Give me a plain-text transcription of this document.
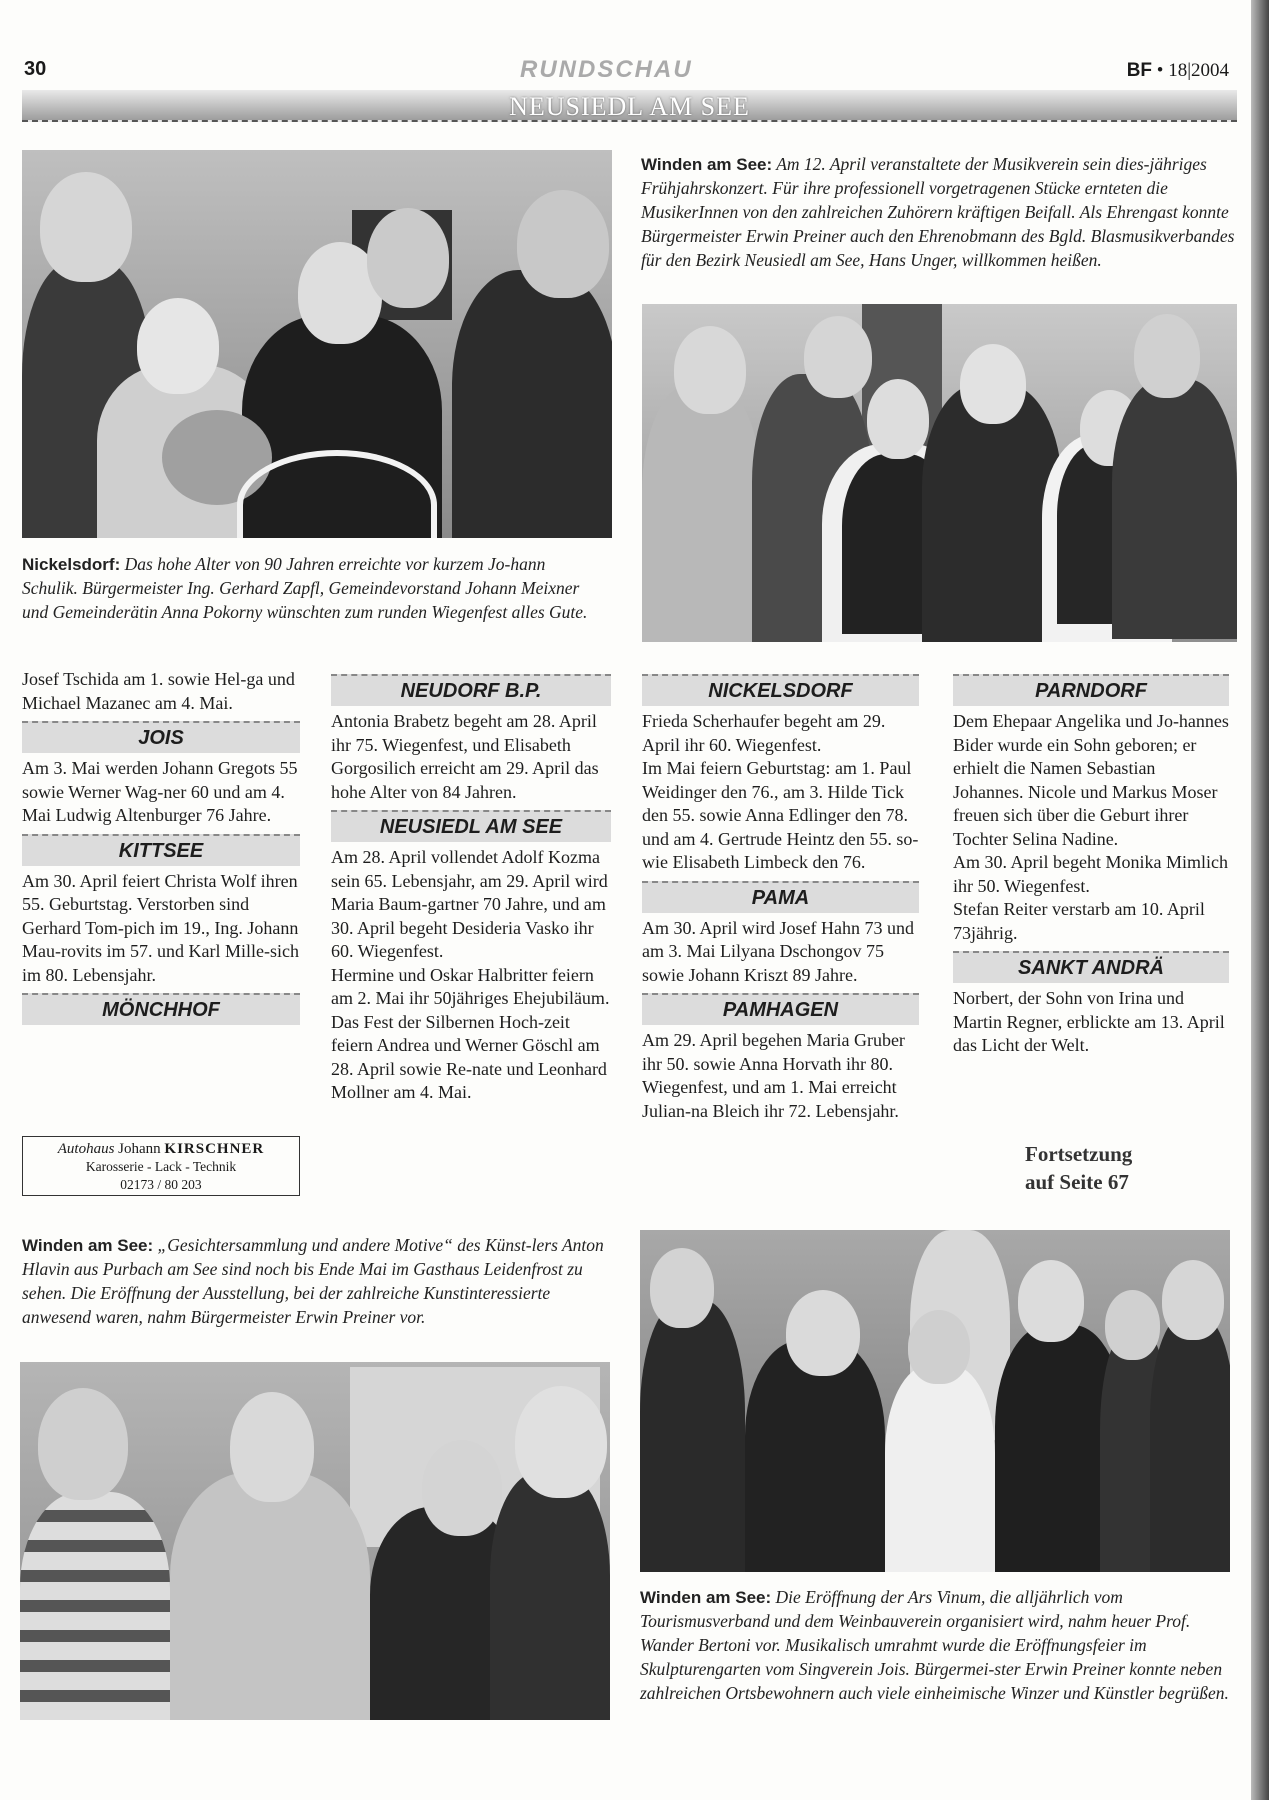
30	RUNDSCHAU	BF • 18|2004
NEUSIEDL AM SEE
Nickelsdorf: Das hohe Alter von 90 Jahren erreichte vor kurzem Jo-hann Schulik. Bürgermeister Ing. Gerhard Zapfl, Gemeindevorstand Johann Meixner und Gemeinderätin Anna Pokorny wünschten zum runden Wiegenfest alles Gute.
Winden am See: Am 12. April veranstaltete der Musikverein sein dies-jähriges Frühjahrskonzert. Für ihre professionell vorgetragenen Stücke ernteten die MusikerInnen von den zahlreichen Zuhörern kräftigen Beifall. Als Ehrengast konnte Bürgermeister Erwin Preiner auch den Ehrenobmann des Bgld. Blasmusikverbandes für den Bezirk Neusiedl am See, Hans Unger, willkommen heißen.

Josef Tschida am 1. sowie Hel-ga und Michael Mazanec am 4. Mai.

JOIS

Am 3. Mai werden Johann Gregots 55 sowie Werner Wag-ner 60 und am 4. Mai Ludwig Altenburger 76 Jahre.

KITTSEE

Am 30. April feiert Christa Wolf ihren 55. Geburtstag. Verstorben sind Gerhard Tom-pich im 19., Ing. Johann Mau-rovits im 57. und Karl Mille-sich im 80. Lebensjahr.

MÖNCHHOF
Autohaus Johann KIRSCHNER
Karosserie - Lack - Technik
02173 / 80 203
NEUDORF B.P.

Antonia Brabetz begeht am 28. April ihr 75. Wiegenfest, und Elisabeth Gorgosilich erreicht am 29. April das hohe Alter von 84 Jahren.

NEUSIEDL AM SEE

Am 28. April vollendet Adolf Kozma sein 65. Lebensjahr, am 29. April wird Maria Baum-gartner 70 Jahre, und am 30. April begeht Desideria Vasko ihr 60. Wiegenfest.

Hermine und Oskar Halbritter feiern am 2. Mai ihr 50jähriges Ehejubiläum.

Das Fest der Silbernen Hoch-zeit feiern Andrea und Werner Göschl am 28. April sowie Re-nate und Leonhard Mollner am 4. Mai.

NICKELSDORF

Frieda Scherhaufer begeht am 29. April ihr 60. Wiegenfest.

Im Mai feiern Geburtstag: am 1. Paul Weidinger den 76., am 3. Hilde Tick den 55. sowie Anna Edlinger den 78. und am 4. Gertrude Heintz den 55. so-wie Elisabeth Limbeck den 76.

PAMA

Am 30. April wird Josef Hahn 73 und am 3. Mai Lilyana Dschongov 75 sowie Johann Kriszt 89 Jahre.

PAMHAGEN

Am 29. April begehen Maria Gruber ihr 50. sowie Anna Horvath ihr 80. Wiegenfest, und am 1. Mai erreicht Julian-na Bleich ihr 72. Lebensjahr.

PARNDORF

Dem Ehepaar Angelika und Jo-hannes Bider wurde ein Sohn geboren; er erhielt die Namen Sebastian Johannes. Nicole und Markus Moser freuen sich über die Geburt ihrer Tochter Selina Nadine.

Am 30. April begeht Monika Mimlich ihr 50. Wiegenfest.

Stefan Reiter verstarb am 10. April 73jährig.

SANKT ANDRÄ

Norbert, der Sohn von Irina und Martin Regner, erblickte am 13. April das Licht der Welt.

Fortsetzung
auf Seite 67
Winden am See: „Gesichtersammlung und andere Motive“ des Künst-lers Anton Hlavin aus Purbach am See sind noch bis Ende Mai im Gasthaus Leidenfrost zu sehen. Die Eröffnung der Ausstellung, bei der zahlreiche Kunstinteressierte anwesend waren, nahm Bürgermeister Erwin Preiner vor.
Winden am See: Die Eröffnung der Ars Vinum, die alljährlich vom Tourismusverband und dem Weinbauverein organisiert wird, nahm heuer Prof. Wander Bertoni vor. Musikalisch umrahmt wurde die Eröffnungsfeier im Skulpturengarten vom Singverein Jois. Bürgermei-ster Erwin Preiner konnte neben zahlreichen Ortsbewohnern auch viele einheimische Winzer und Künstler begrüßen.
